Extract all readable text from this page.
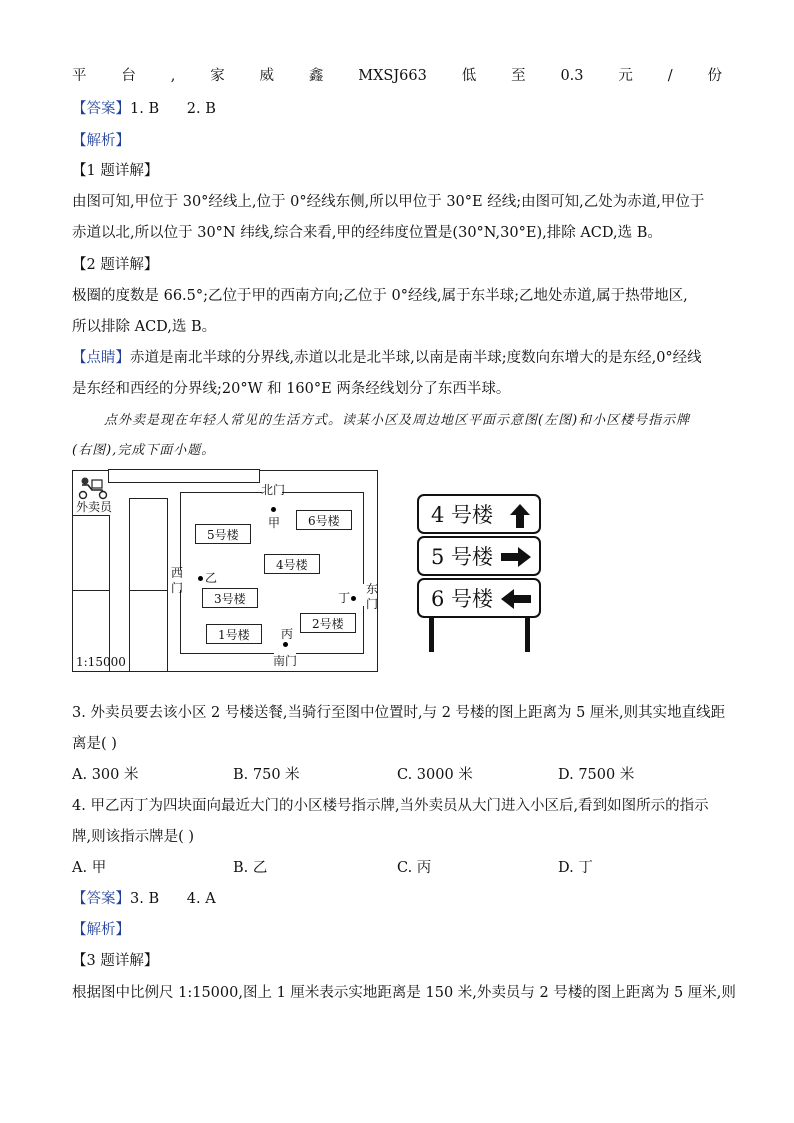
平 台 , 家 威 鑫 MXSJ663 低 至 0.3 元 / 份
【答案】1. B      2. B
【解析】
【1 题详解】
由图可知,甲位于 30°经线上,位于 0°经线东侧,所以甲位于 30°E 经线;由图可知,乙处为赤道,甲位于
赤道以北,所以位于 30°N 纬线,综合来看,甲的经纬度位置是(30°N,30°E),排除 ACD,选 B。
【2 题详解】
极圈的度数是 66.5°;乙位于甲的西南方向;乙位于 0°经线,属于东半球;乙地处赤道,属于热带地区,
所以排除 ACD,选 B。
【点睛】赤道是南北半球的分界线,赤道以北是北半球,以南是南半球;度数向东增大的是东经,0°经线
是东经和西经的分界线;20°W 和 160°E 两条经线划分了东西半球。
点外卖是现在年轻人常见的生活方式。读某小区及周边地区平面示意图(左图)和小区楼号指示牌
(右图),完成下面小题。
外卖员
北门
西
门	东
门
南门
甲
乙
丙
丁
6号楼
5号楼
4号楼
3号楼
2号楼
1号楼
1:15000
4 号楼
5 号楼
6 号楼
3. 外卖员要去该小区 2 号楼送餐,当骑行至图中位置时,与 2 号楼的图上距离为 5 厘米,则其实地直线距
离是( )
A. 300 米	B. 750 米	C. 3000 米	D. 7500 米
4. 甲乙丙丁为四块面向最近大门的小区楼号指示牌,当外卖员从大门进入小区后,看到如图所示的指示
牌,则该指示牌是( )
A. 甲	B. 乙	C. 丙	D. 丁
【答案】3. B      4. A
【解析】
【3 题详解】
根据图中比例尺 1:15000,图上 1 厘米表示实地距离是 150 米,外卖员与 2 号楼的图上距离为 5 厘米,则
